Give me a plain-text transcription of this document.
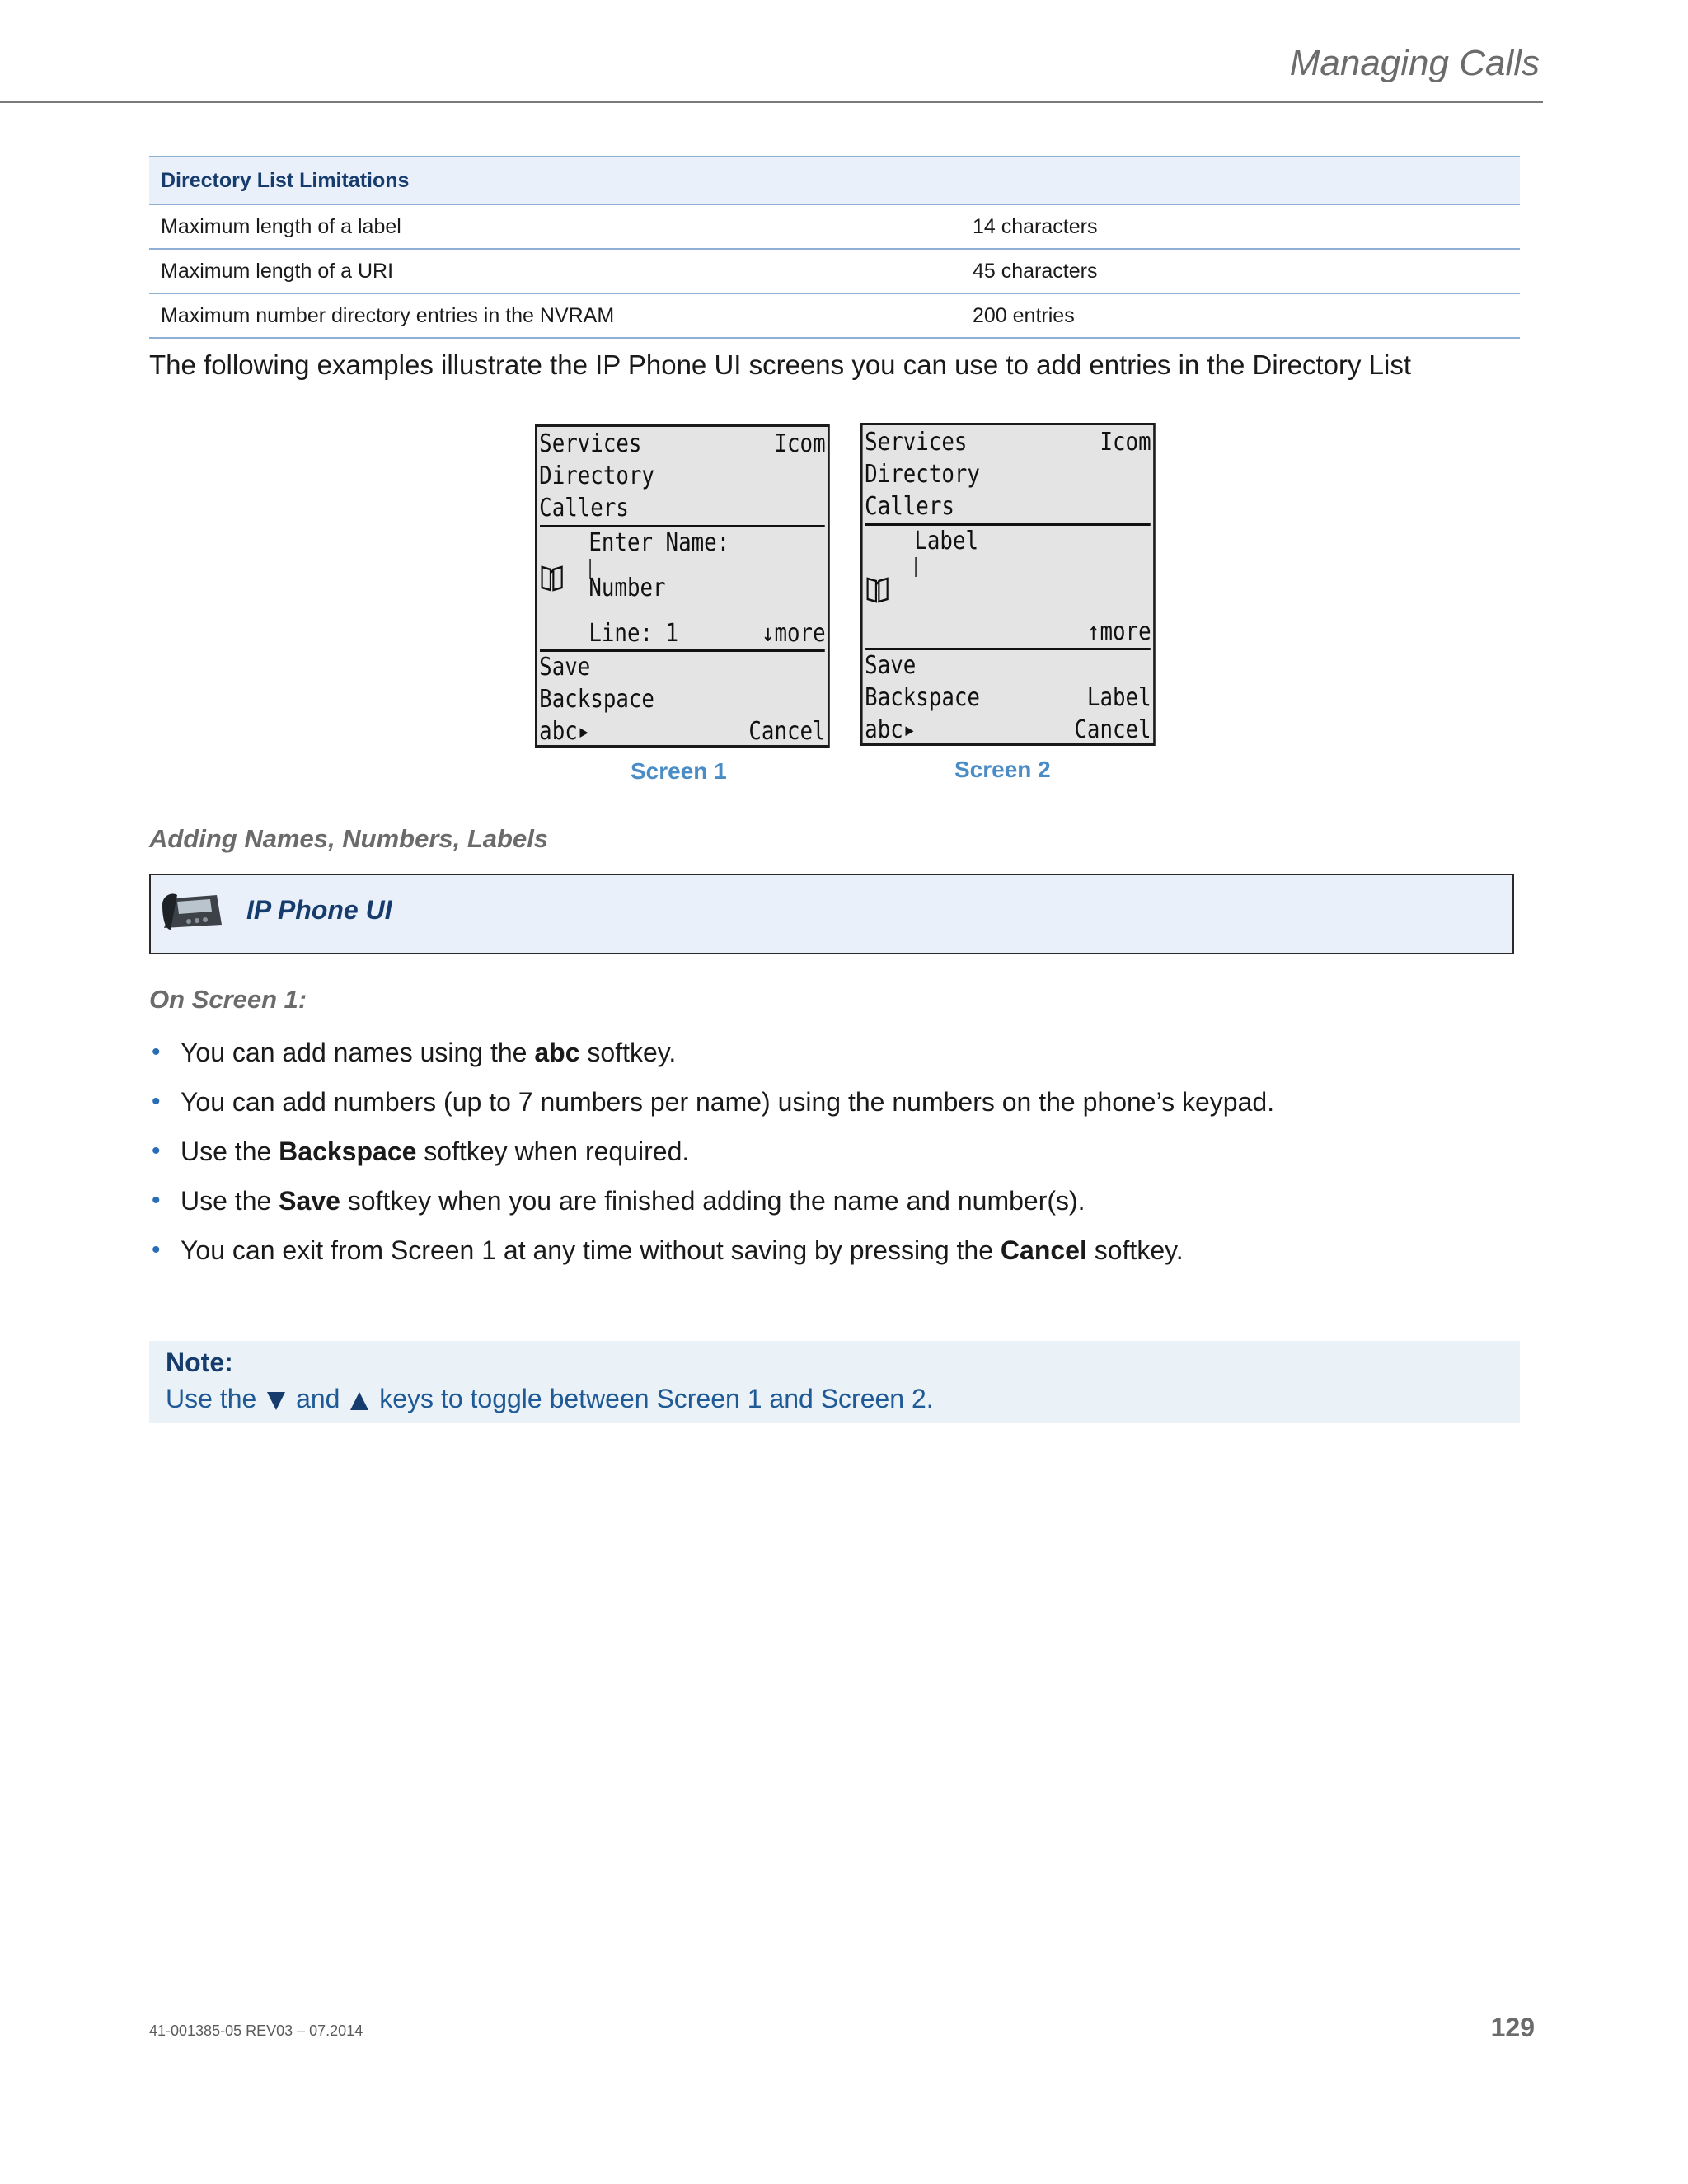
Managing Calls
Directory List Limitations	
Maximum length of a label	14 characters
Maximum length of a URI	45 characters
Maximum number directory entries in the NVRAM	200 entries
The following examples illustrate the IP Phone UI screens you can use to add entries in the Directory List
Services	Icom
Directory
Callers
Enter Name:
Number
Line: 1	↓more
Save
Backspace
abc▸	Cancel
Services	Icom
Directory
Callers
Label
↑more
Save
Backspace	Label
abc▸	Cancel
Screen 1	Screen 2
Adding Names, Numbers, Labels
IP Phone UI
On Screen 1:
• You can add names using the abc softkey.
• You can add numbers (up to 7 numbers per name) using the numbers on the phone’s keypad.
• Use the Backspace softkey when required.
• Use the Save softkey when you are finished adding the name and number(s).
• You can exit from Screen 1 at any time without saving by pressing the Cancel softkey.
Note:
Use the  and  keys to toggle between Screen 1 and Screen 2.
41-001385-05 REV03 – 07.2014	129
